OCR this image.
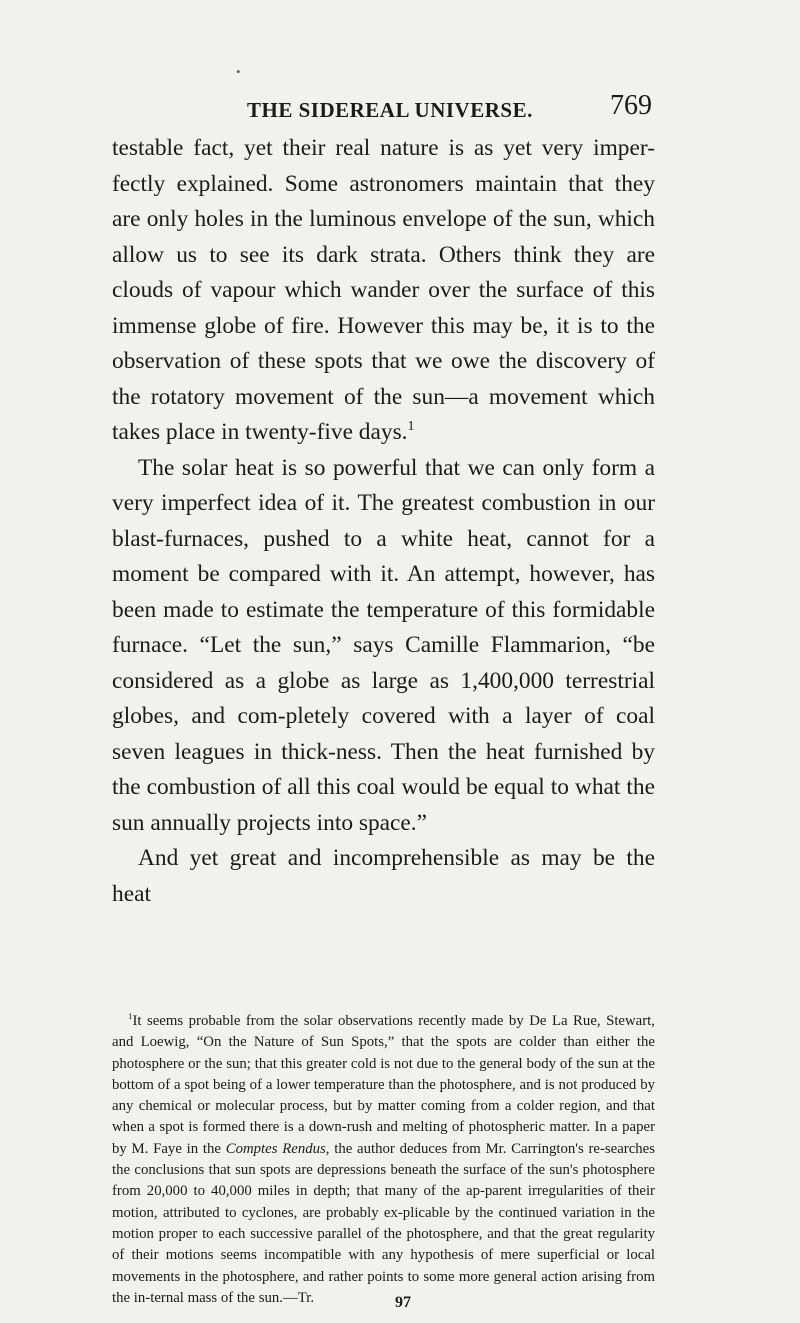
•
THE SIDEREAL UNIVERSE.	769

testable fact, yet their real nature is as yet very imper-fectly explained. Some astronomers maintain that they are only holes in the luminous envelope of the sun, which allow us to see its dark strata. Others think they are clouds of vapour which wander over the surface of this immense globe of fire. However this may be, it is to the observation of these spots that we owe the discovery of the rotatory movement of the sun—a movement which takes place in twenty-five days.$^1$

The solar heat is so powerful that we can only form a very imperfect idea of it. The greatest combustion in our blast-furnaces, pushed to a white heat, cannot for a moment be compared with it. An attempt, however, has been made to estimate the temperature of this formidable furnace. “Let the sun,” says Camille Flammarion, “be considered as a globe as large as 1,400,000 terrestrial globes, and com-pletely covered with a layer of coal seven leagues in thick-ness. Then the heat furnished by the combustion of all this coal would be equal to what the sun annually projects into space.”

And yet great and incomprehensible as may be the heat

$^1$It seems probable from the solar observations recently made by De La Rue, Stewart, and Loewig, “On the Nature of Sun Spots,” that the spots are colder than either the photosphere or the sun; that this greater cold is not due to the general body of the sun at the bottom of a spot being of a lower temperature than the photosphere, and is not produced by any chemical or molecular process, but by matter coming from a colder region, and that when a spot is formed there is a down-rush and melting of photospheric matter. In a paper by M. Faye in the Comptes Rendus, the author deduces from Mr. Carrington's re-searches the conclusions that sun spots are depressions beneath the surface of the sun's photosphere from 20,000 to 40,000 miles in depth; that many of the ap-parent irregularities of their motion, attributed to cyclones, are probably ex-plicable by the continued variation in the motion proper to each successive parallel of the photosphere, and that the great regularity of their motions seems incompatible with any hypothesis of mere superficial or local movements in the photosphere, and rather points to some more general action arising from the in-ternal mass of the sun.—Tr.	97
